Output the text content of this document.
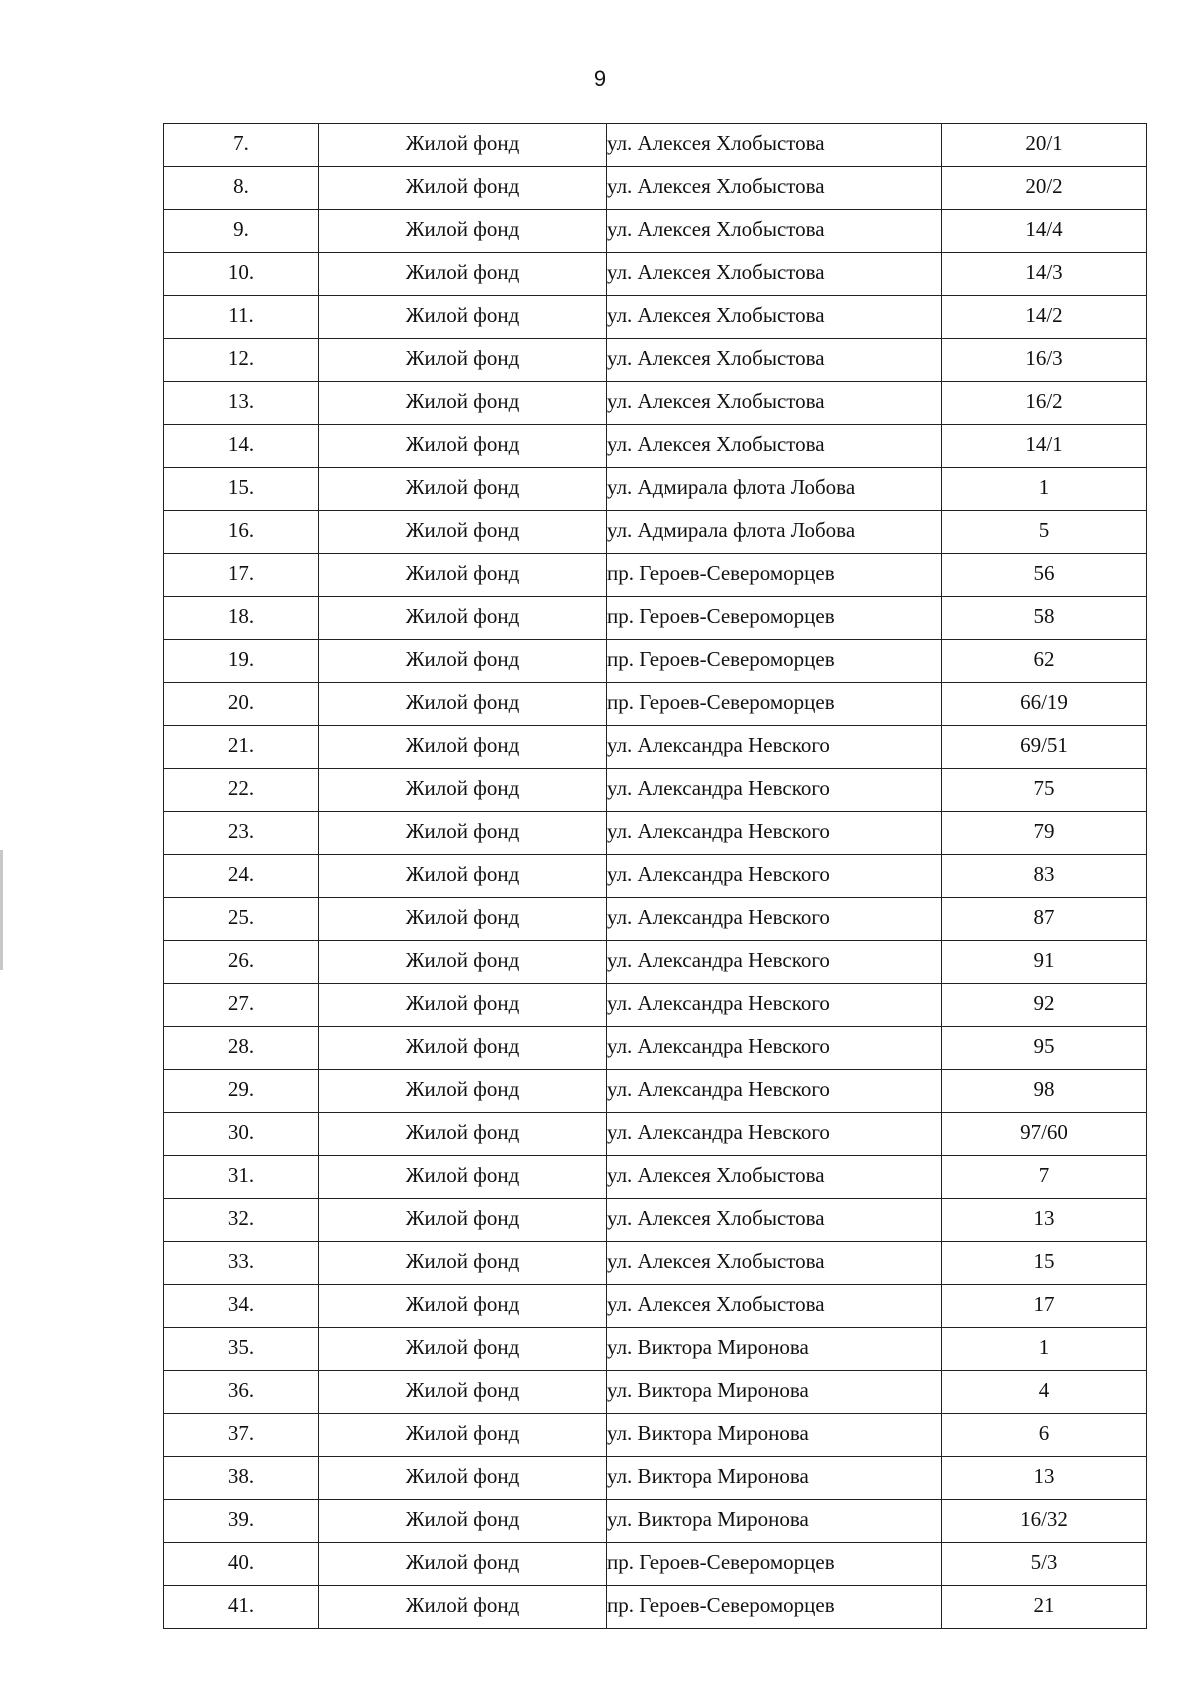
9
7.	Жилой фонд	ул. Алексея Хлобыстова	20/1
8.	Жилой фонд	ул. Алексея Хлобыстова	20/2
9.	Жилой фонд	ул. Алексея Хлобыстова	14/4
10.	Жилой фонд	ул. Алексея Хлобыстова	14/3
11.	Жилой фонд	ул. Алексея Хлобыстова	14/2
12.	Жилой фонд	ул. Алексея Хлобыстова	16/3
13.	Жилой фонд	ул. Алексея Хлобыстова	16/2
14.	Жилой фонд	ул. Алексея Хлобыстова	14/1
15.	Жилой фонд	ул. Адмирала флота Лобова	1
16.	Жилой фонд	ул. Адмирала флота Лобова	5
17.	Жилой фонд	пр. Героев-Североморцев	56
18.	Жилой фонд	пр. Героев-Североморцев	58
19.	Жилой фонд	пр. Героев-Североморцев	62
20.	Жилой фонд	пр. Героев-Североморцев	66/19
21.	Жилой фонд	ул. Александра Невского	69/51
22.	Жилой фонд	ул. Александра Невского	75
23.	Жилой фонд	ул. Александра Невского	79
24.	Жилой фонд	ул. Александра Невского	83
25.	Жилой фонд	ул. Александра Невского	87
26.	Жилой фонд	ул. Александра Невского	91
27.	Жилой фонд	ул. Александра Невского	92
28.	Жилой фонд	ул. Александра Невского	95
29.	Жилой фонд	ул. Александра Невского	98
30.	Жилой фонд	ул. Александра Невского	97/60
31.	Жилой фонд	ул. Алексея Хлобыстова	7
32.	Жилой фонд	ул. Алексея Хлобыстова	13
33.	Жилой фонд	ул. Алексея Хлобыстова	15
34.	Жилой фонд	ул. Алексея Хлобыстова	17
35.	Жилой фонд	ул. Виктора Миронова	1
36.	Жилой фонд	ул. Виктора Миронова	4
37.	Жилой фонд	ул. Виктора Миронова	6
38.	Жилой фонд	ул. Виктора Миронова	13
39.	Жилой фонд	ул. Виктора Миронова	16/32
40.	Жилой фонд	пр. Героев-Североморцев	5/3
41.	Жилой фонд	пр. Героев-Североморцев	21
